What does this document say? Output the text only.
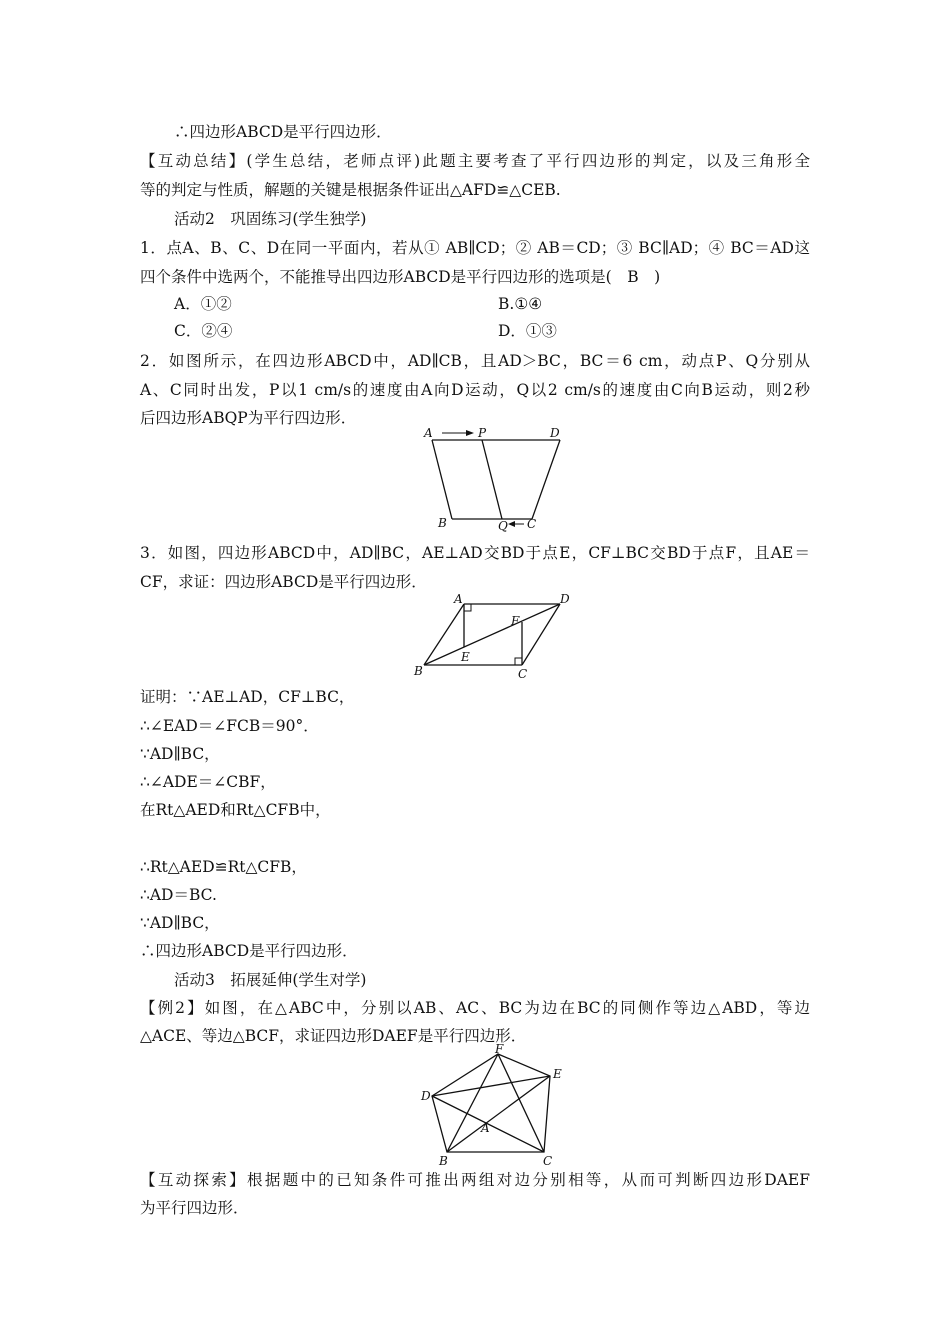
∴四边形ABCD是平行四边形．
【互动总结】(学生总结，老师点评)此题主要考查了平行四边形的判定，以及三角形全
等的判定与性质，解题的关键是根据条件证出△AFD≌△CEB.
活动2　巩固练习(学生独学)
1．点A、B、C、D在同一平面内，若从① AB∥CD；② AB＝CD；③ BC∥AD；④ BC＝AD这
四个条件中选两个，不能推导出四边形ABCD是平行四边形的选项是(　B　)
A．①②	B.①④
C．②④	D．①③
2．如图所示，在四边形ABCD中，AD∥CB，且AD＞BC，BC＝6 cm，动点P、Q分别从
A、C同时出发，P以1 cm/s的速度由A向D运动，Q以2 cm/s的速度由C向B运动，则2秒
后四边形ABQP为平行四边形．
A	P	D
B	Q C
3．如图，四边形ABCD中，AD∥BC，AE⊥AD交BD于点E，CF⊥BC交BD于点F，且AE＝
CF，求证：四边形ABCD是平行四边形．
A	D
F
E
B	C
证明：∵AE⊥AD，CF⊥BC，
∴∠EAD＝∠FCB＝90°．
∵AD∥BC，
∴∠ADE＝∠CBF，
在Rt△AED和Rt△CFB中，
∴Rt△AED≌Rt△CFB，
∴AD＝BC.
∵AD∥BC，
∴四边形ABCD是平行四边形．
活动3　拓展延伸(学生对学)
【例2】如图，在△ABC中，分别以AB、AC、BC为边在BC的同侧作等边△ABD，等边
△ACE、等边△BCF，求证四边形DAEF是平行四边形．
F
E
D
A
B	C
【互动探索】根据题中的已知条件可推出两组对边分别相等，从而可判断四边形DAEF
为平行四边形．
